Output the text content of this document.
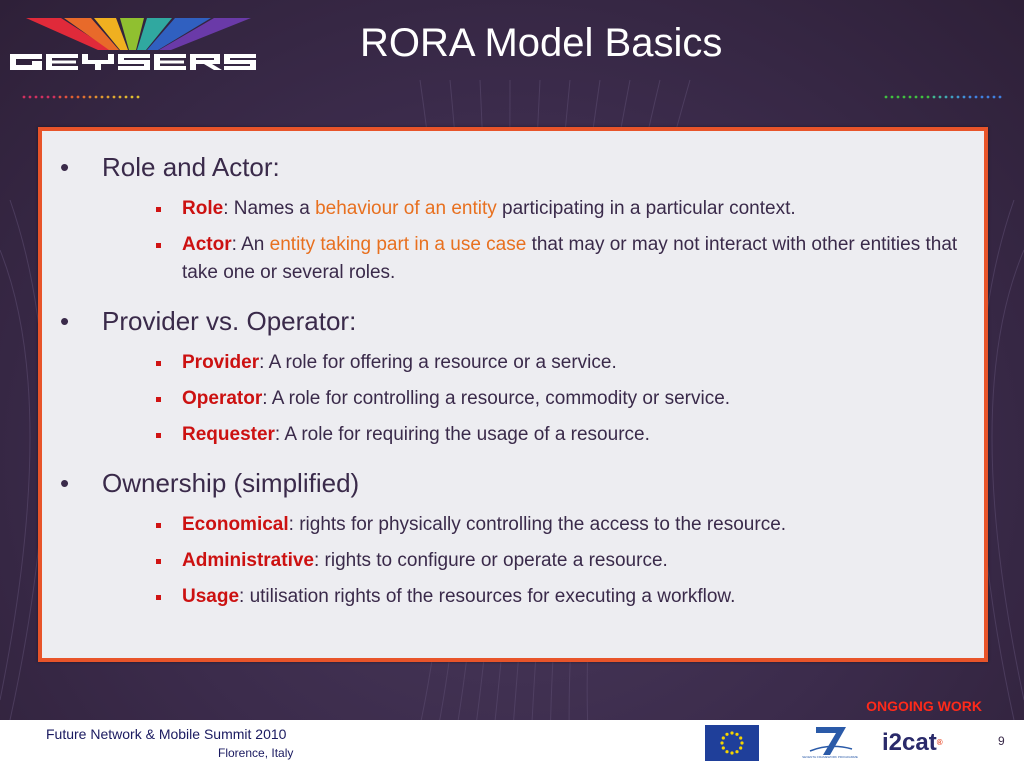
RORA Model Basics
• Role and Actor:
Role: Names a behaviour of an entity participating in a particular context.
Actor: An entity taking part in a use case that may or may not interact with other entities that take one or several roles.
• Provider vs. Operator:
Provider: A role for offering a resource or a service.
Operator: A role for controlling a resource, commodity or service.
Requester: A role for requiring the usage of a resource.
• Ownership (simplified)
Economical: rights for physically controlling the access to the resource.
Administrative: rights to configure or operate a resource.
Usage: utilisation rights of the resources for executing a workflow.
ONGOING WORK
Future Network & Mobile Summit 2010
Florence, Italy	SEVENTH FRAMEWORK PROGRAMME
i2cat®	9
